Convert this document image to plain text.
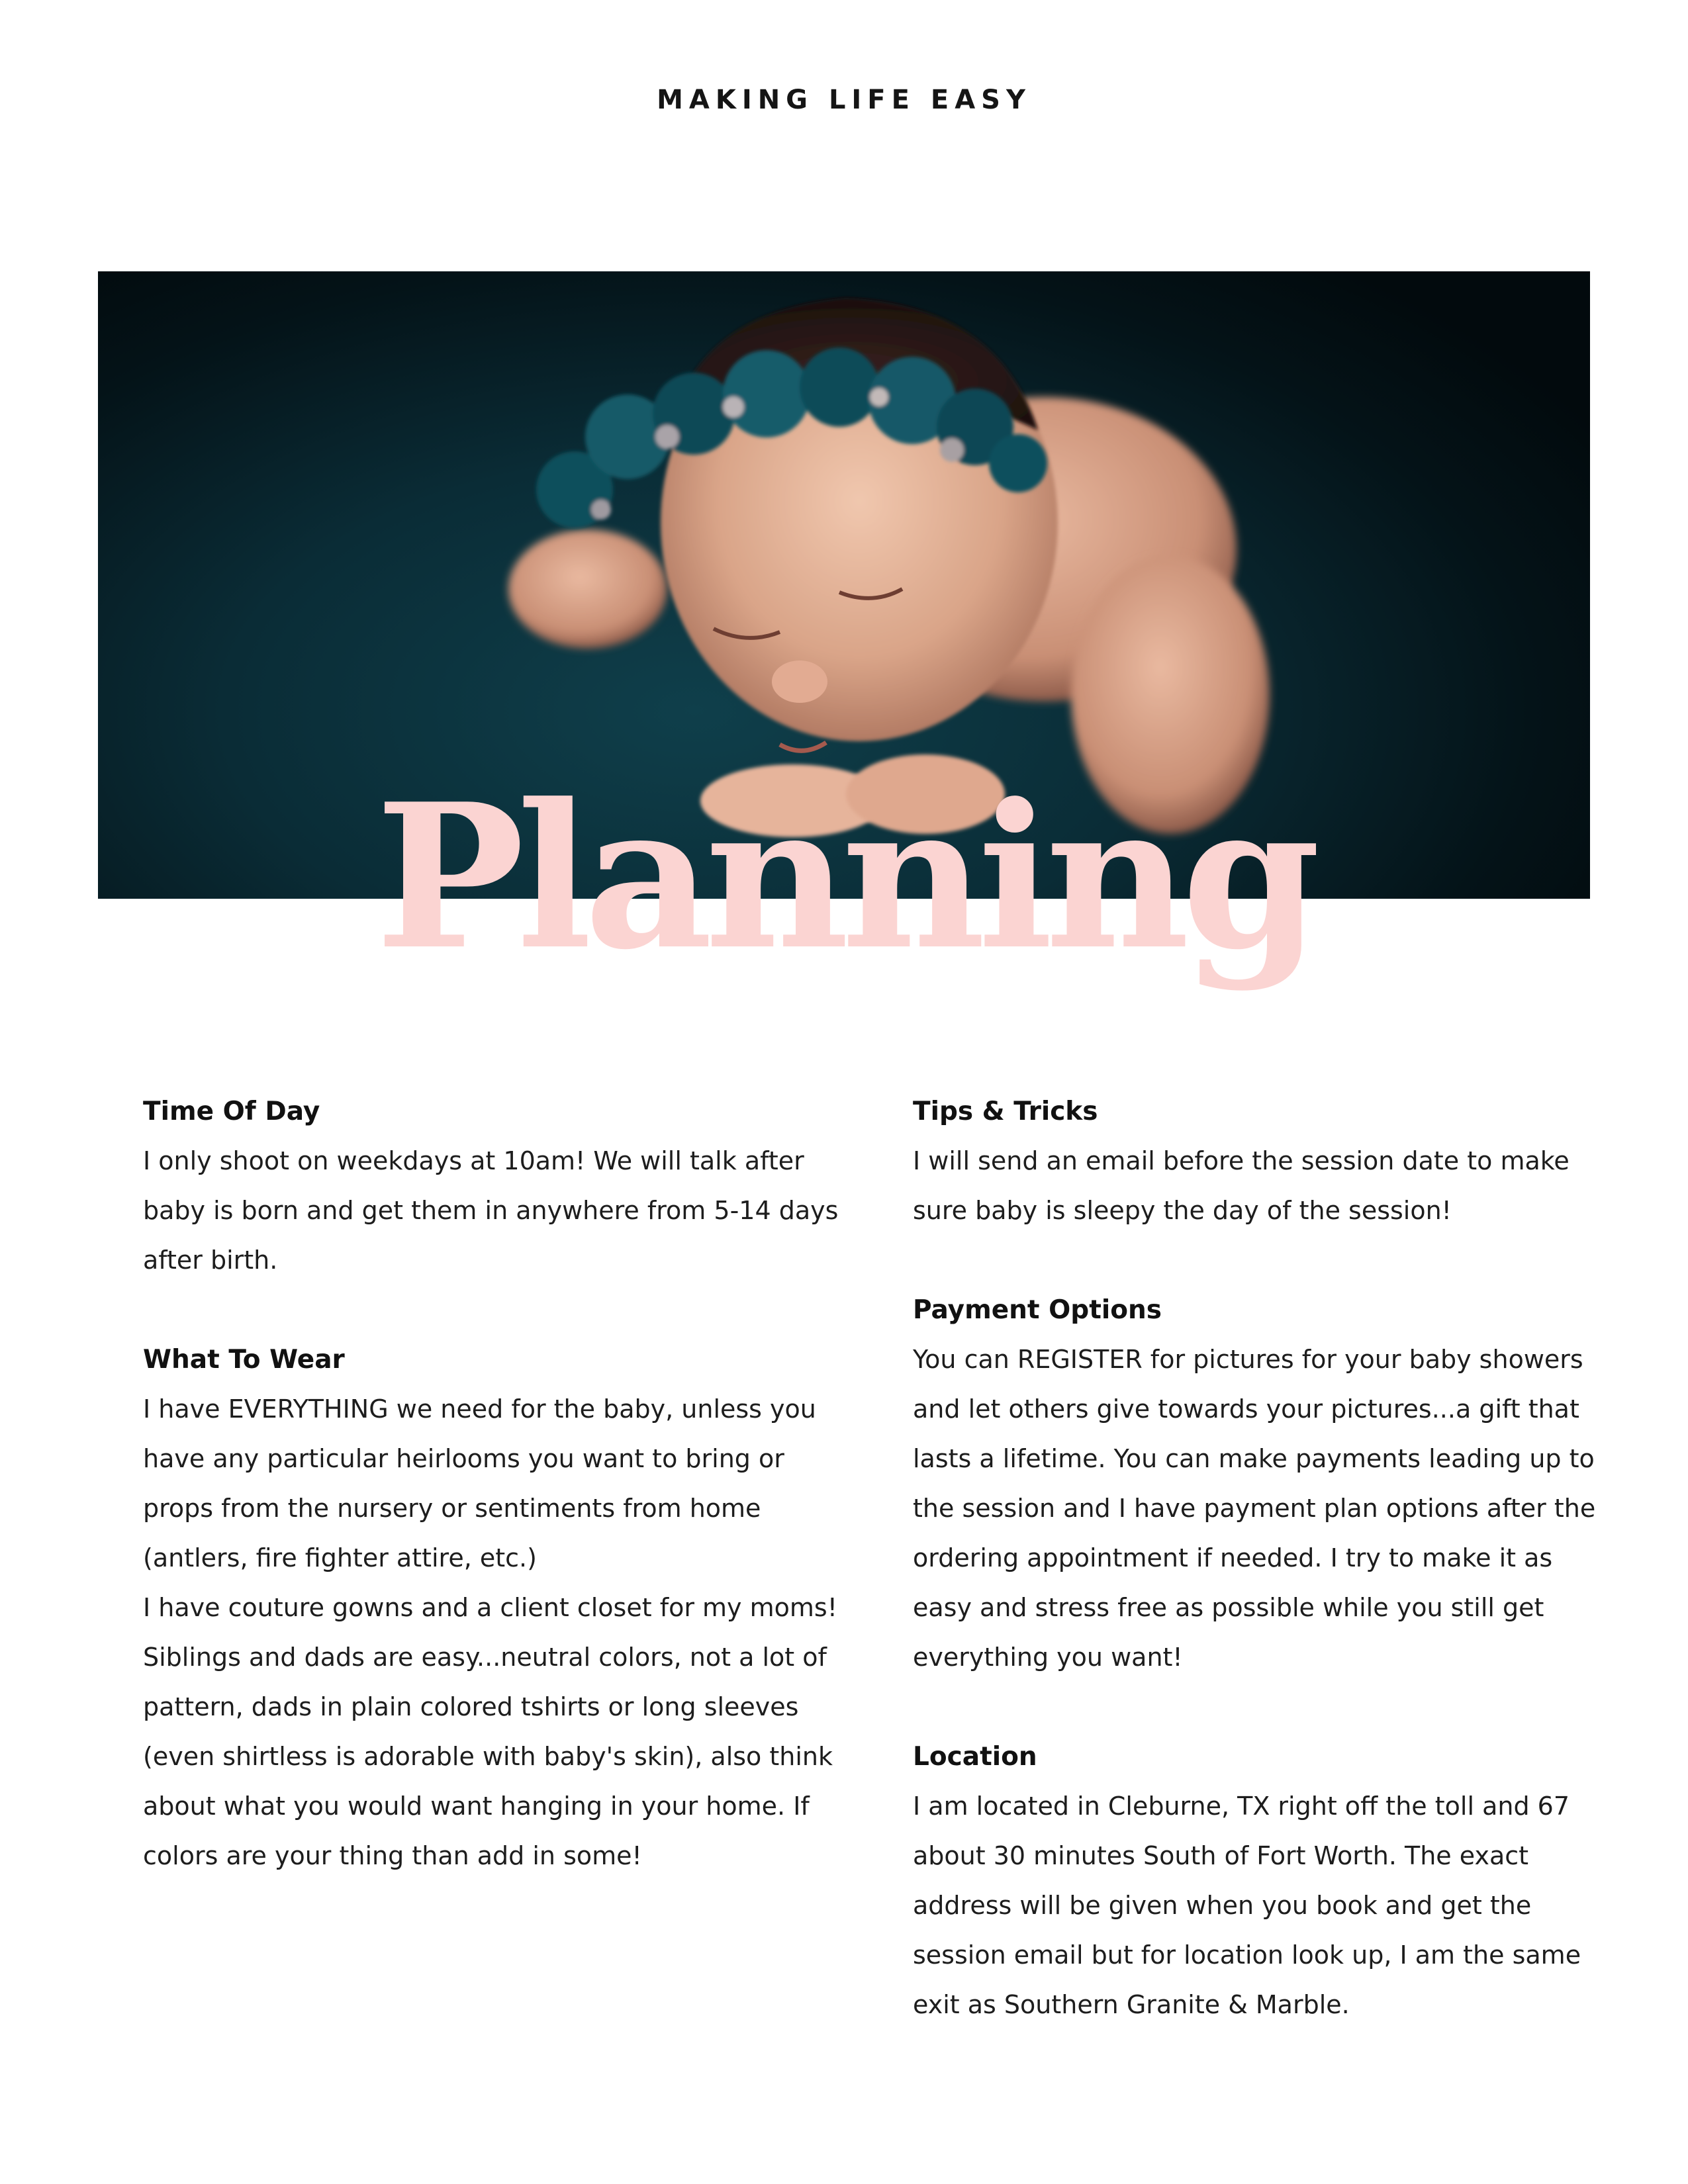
MAKING LIFE EASY
Planning
Time Of Day

I only shoot on weekdays at 10am! We will talk after baby is born and get them in anywhere from 5-14 days after birth.

What To Wear

I have EVERYTHING we need for the baby, unless you have any particular heirlooms you want to bring or props from the nursery or sentiments from home (antlers, fire fighter attire, etc.)

I have couture gowns and a client closet for my moms! Siblings and dads are easy...neutral colors, not a lot of pattern, dads in plain colored tshirts or long sleeves (even shirtless is adorable with baby's skin), also think about what you would want hanging in your home. If colors are your thing than add in some!

Tips & Tricks

I will send an email before the session date to make sure baby is sleepy the day of the session!

Payment Options

You can REGISTER for pictures for your baby showers and let others give towards your pictures...a gift that lasts a lifetime. You can make payments leading up to the session and I have payment plan options after the ordering appointment if needed. I try to make it as easy and stress free as possible while you still get everything you want!

Location

I am located in Cleburne, TX right off the toll and 67 about 30 minutes South of Fort Worth. The exact address will be given when you book and get the session email but for location look up, I am the same exit as Southern Granite & Marble.
